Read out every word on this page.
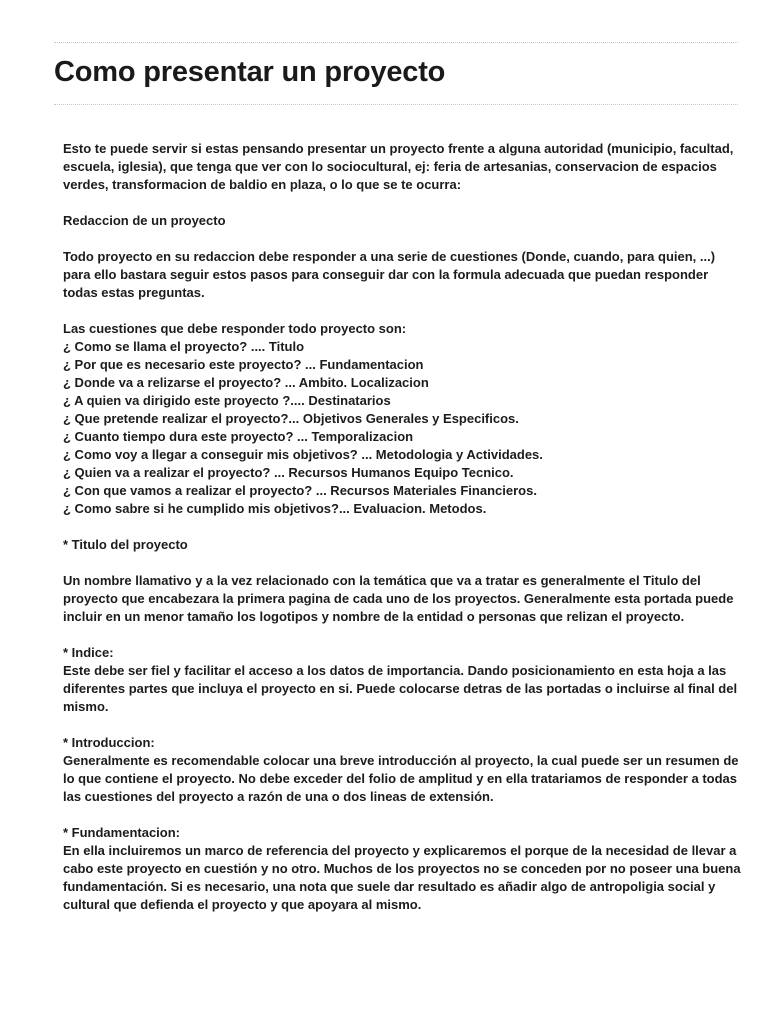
Como presentar un proyecto

Esto te puede servir si estas pensando presentar un proyecto frente a alguna autoridad (municipio, facultad, escuela, iglesia), que tenga que ver con lo sociocultural, ej: feria de artesanias, conservacion de espacios verdes, transformacion de baldio en plaza, o lo que se te ocurra:

Redaccion de un proyecto

Todo proyecto en su redaccion debe responder a una serie de cuestiones (Donde, cuando, para quien, ...) para ello bastara seguir estos pasos para conseguir dar con la formula adecuada que puedan responder todas estas preguntas.

Las cuestiones que debe responder todo proyecto son:
¿ Como se llama el proyecto? .... Titulo
¿ Por que es necesario este proyecto? ... Fundamentacion
¿ Donde va a relizarse el proyecto? ... Ambito. Localizacion
¿ A quien va dirigido este proyecto ?.... Destinatarios
¿ Que pretende realizar el proyecto?... Objetivos Generales y Especificos.
¿ Cuanto tiempo dura este proyecto? ... Temporalizacion
¿ Como voy a llegar a conseguir mis objetivos? ... Metodologia y Actividades.
¿ Quien va a realizar el proyecto? ... Recursos Humanos Equipo Tecnico.
¿ Con que vamos a realizar el proyecto? ... Recursos Materiales Financieros.
¿ Como sabre si he cumplido mis objetivos?... Evaluacion. Metodos.

* Titulo del proyecto

Un nombre llamativo y a la vez relacionado con la temática que va a tratar es generalmente el Titulo del proyecto que encabezara la primera pagina de cada uno de los proyectos. Generalmente esta portada puede incluir en un menor tamaño los logotipos y nombre de la entidad o personas que relizan el proyecto.

* Indice:
Este debe ser fiel y facilitar el acceso a los datos de importancia. Dando posicionamiento en esta hoja a las diferentes partes que incluya el proyecto en si. Puede colocarse detras de las portadas o incluirse al final del mismo.

* Introduccion:
Generalmente es recomendable colocar una breve introducción al proyecto, la cual puede ser un resumen de lo que contiene el proyecto. No debe exceder del folio de amplitud y en ella tratariamos de responder a todas las cuestiones del proyecto a razón de una o dos lineas de extensión.

* Fundamentacion:
En ella incluiremos un marco de referencia del proyecto y explicaremos el porque de la necesidad de llevar a cabo este proyecto en cuestión y no otro. Muchos de los proyectos no se conceden por no poseer una buena fundamentación. Si es necesario, una nota que suele dar resultado es añadir algo de antropoligia social y cultural que defienda el proyecto y que apoyara al mismo.
